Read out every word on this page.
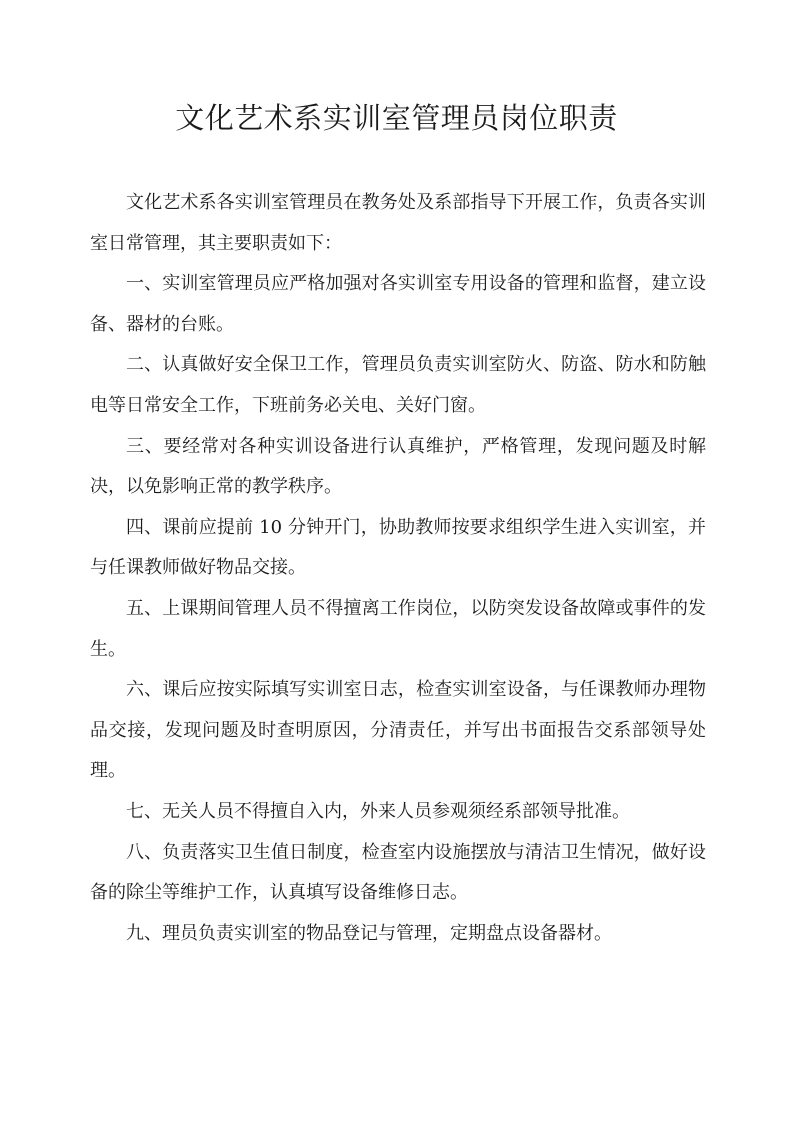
文化艺术系实训室管理员岗位职责

文化艺术系各实训室管理员在教务处及系部指导下开展工作，负责各实训室日常管理，其主要职责如下：

一、实训室管理员应严格加强对各实训室专用设备的管理和监督，建立设备、器材的台账。

二、认真做好安全保卫工作，管理员负责实训室防火、防盗、防水和防触电等日常安全工作，下班前务必关电、关好门窗。

三、要经常对各种实训设备进行认真维护，严格管理，发现问题及时解决，以免影响正常的教学秩序。

四、课前应提前 10 分钟开门，协助教师按要求组织学生进入实训室，并与任课教师做好物品交接。

五、上课期间管理人员不得擅离工作岗位，以防突发设备故障或事件的发生。

六、课后应按实际填写实训室日志，检查实训室设备，与任课教师办理物品交接，发现问题及时查明原因，分清责任，并写出书面报告交系部领导处理。

七、无关人员不得擅自入内，外来人员参观须经系部领导批准。

八、负责落实卫生值日制度，检查室内设施摆放与清洁卫生情况，做好设备的除尘等维护工作，认真填写设备维修日志。

九、理员负责实训室的物品登记与管理，定期盘点设备器材。
